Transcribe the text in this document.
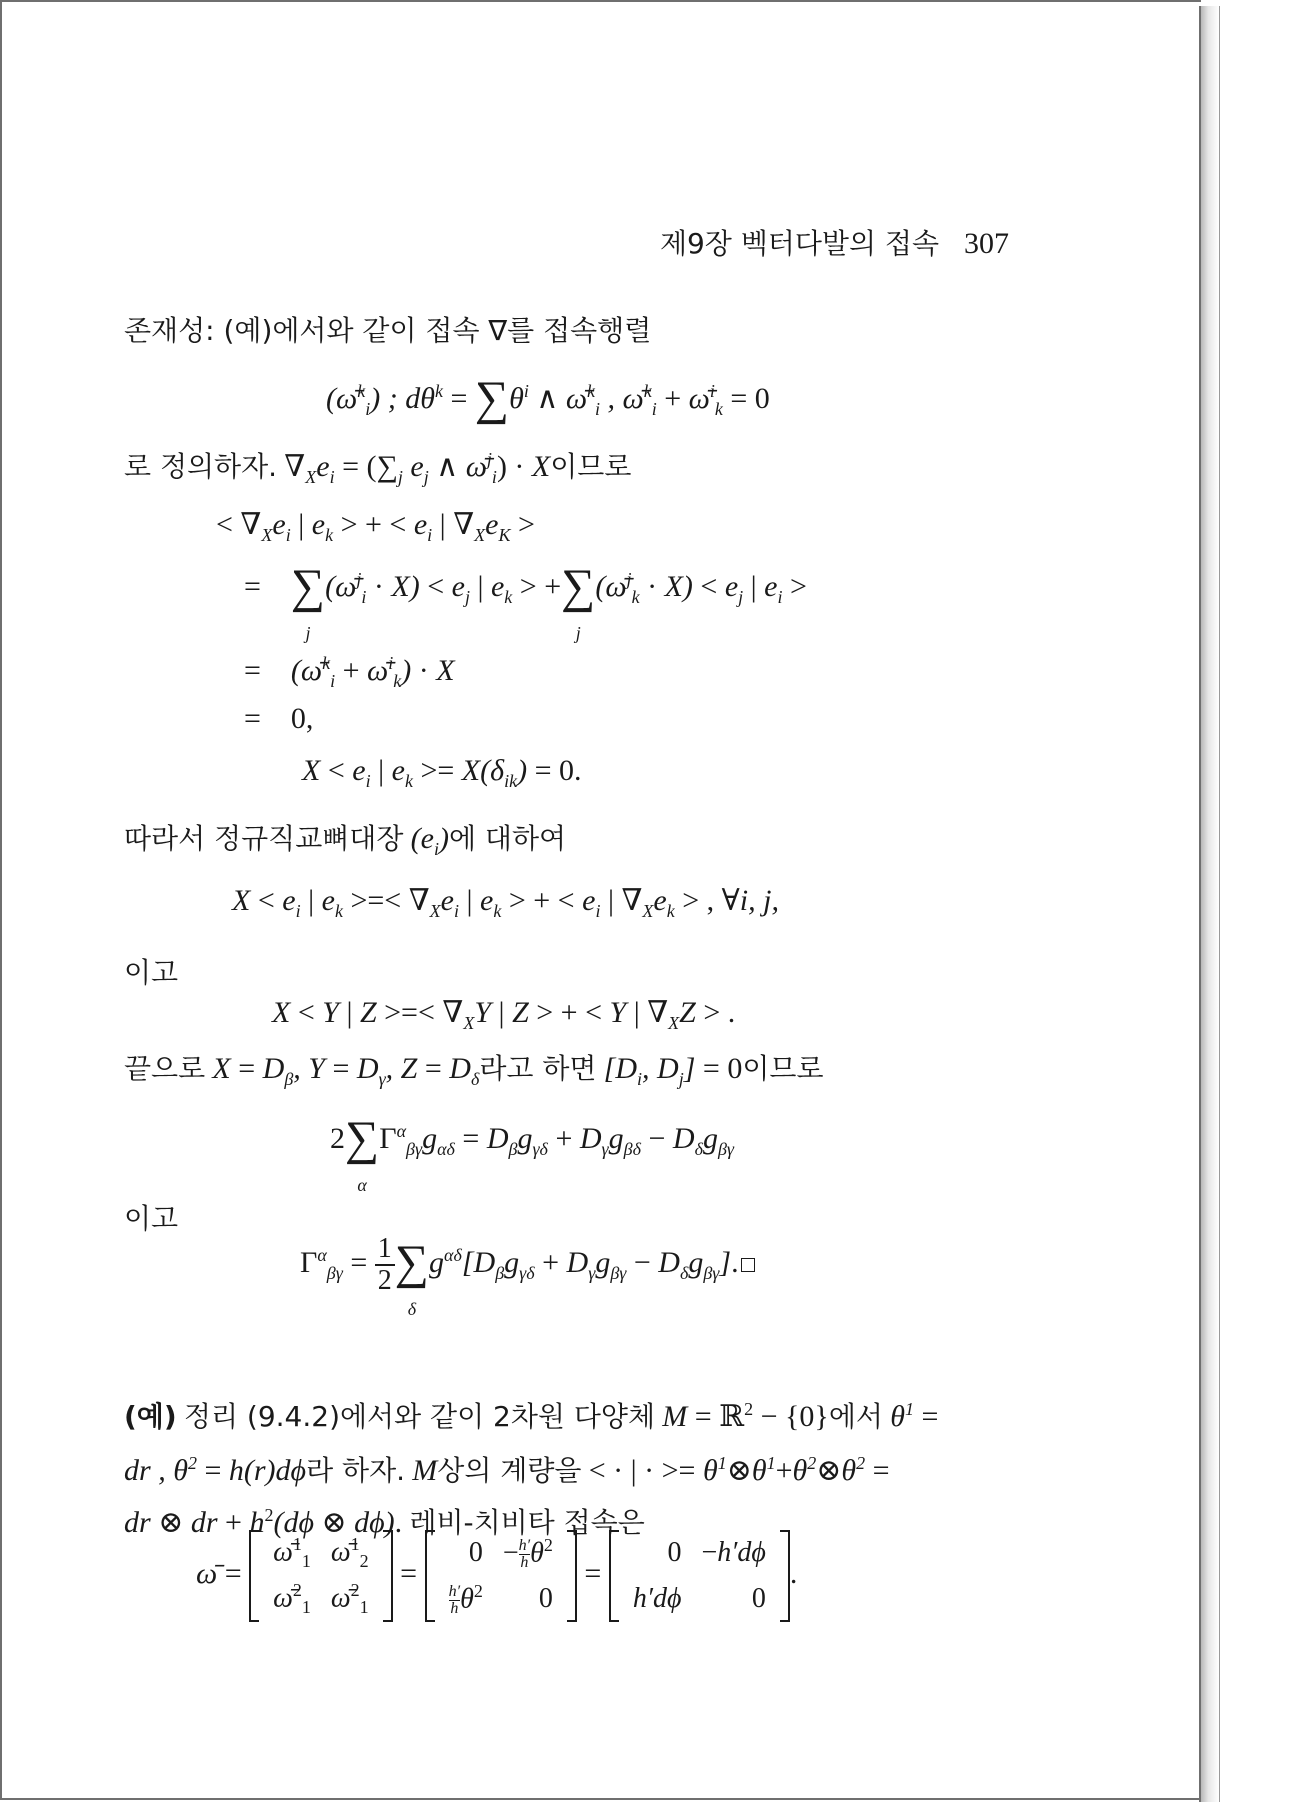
제9장 벡터다발의 접속 307
존재성: (예)에서와 같이 접속 ∇를 접속행렬
(ω̄$^k_i$) ; $d\theta^k = \sum\theta^i$ ∧ ω̄$^k_i$ , ω̄$^k_i$ + ω̄$^i_k$ = 0
로 정의하자. $\nabla_Xe_i = (\sum_j$ $e_j$ ∧ ω̄$^j_i$) · X이므로
< $\nabla_Xe_i$ | $e_k$ > + < $e_i$ | $\nabla_Xe_K$ >
= ∑
j
(ω̄$^j_i$ · $X) < e_j$ | $e_k$ > +∑
j
(ω̄$^j_k$ · $X) < e_j$ | $e_i$ >
=    (ω̄$^k_i$ + ω̄$^i_k$) · X
= 0,
$X < e_i$ | $e_k >= X(\delta_{ik}) = 0$.
따라서 정규직교뼈대장 $(e_i)$에 대하여
$X < e_i$ | $e_k$ >=< $\nabla_Xe_i$ | $e_k$ > + < $e_i$ | $\nabla_Xe_k$ > , ∀i, j,
이고
X < Y | Z >=< $\nabla_XY$ | Z > + < Y | $\nabla_XZ$ > .
끝으로 $X = D_\beta$, $Y = D_\gamma$, $Z = D_\delta$라고 하면 [$D_i$, $D_j] = 0$이므로
2∑
α
$\Gamma^\alpha_{\beta\gamma}g_{\alpha\delta} = D_\beta g_{\gamma\delta} + D_\gamma g_{\beta\delta} - D_\delta g_{\beta\gamma}$
이고
$\Gamma^\alpha_{\beta\gamma} = \frac{1}{2}$ ∑
δ
$g^{\alpha\delta}[D_\beta g_{\gamma\delta} + D_\gamma g_{\beta\gamma} - D_\delta g_{\beta\gamma}]$.
(예) 정리 (9.4.2)에서와 같이 2차원 다양체 M = ℝ$^2$ − {0}에서 $\theta^1$ =
dr , $\theta^2 = h(r)d\phi$라 하자. M상의 계량을 < · | · >= $\theta^1\otimes\theta^1+\theta^2\otimes\theta^2$ =
dr ⊗ dr + $h^2(d\phi$ ⊗ dϕ). 레비-치비타 접속은
ω̄ =
ω̄$^1_1$	ω̄$^1_2$
ω̄$^2_1$	ω̄$^2_1$
=
0	− $\frac{h'}{h}\theta^2$

$\frac{h'}{h}\theta^2$	0
=
0	−h′dϕ
h′dϕ	0
.
